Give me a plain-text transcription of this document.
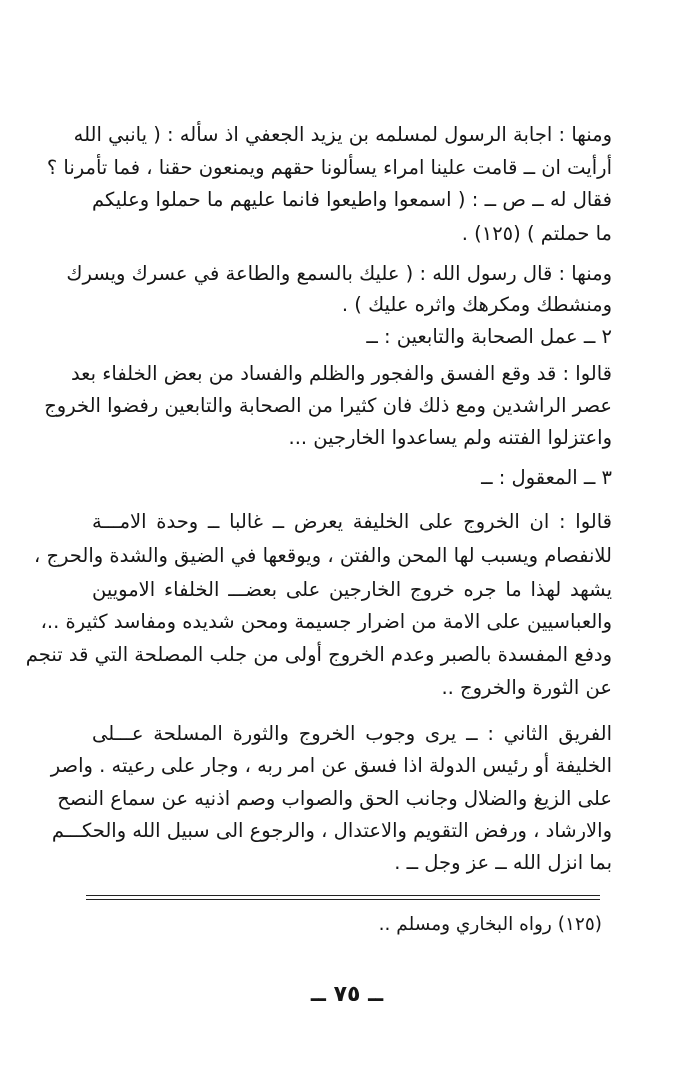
ومنها : اجابة الرسول لمسلمه بن يزيد الجعفي اذ سأله : ( يانبي الله
أرأيت ان ــ قامت علينا امراء يسألونا حقهم ويمنعون حقنا ، فما تأمرنا ؟
فقال له ــ ص ــ : ( اسمعوا واطيعوا فانما عليهم ما حملوا وعليكم
ما حملتم ) (١٢٥) .
ومنها : قال رسول الله : ( عليك بالسمع والطاعة في عسرك ويسرك
ومنشطك ومكرهك واثره عليك ) .
٢ ــ عمل الصحابة والتابعين : ــ
قالوا : قد وقع الفسق والفجور والظلم والفساد من بعض الخلفاء بعد
عصر الراشدين ومع ذلك فان كثيرا من الصحابة والتابعين رفضوا الخروج
واعتزلوا الفتنه ولم يساعدوا الخارجين ...
٣ ــ المعقول : ــ
قالوا : ان الخروج على الخليفة يعرض ــ غالبا ــ وحدة الامـــة
للانفصام ويسبب لها المحن والفتن ، ويوقعها في الضيق والشدة والحرج ،
يشهد لهذا ما جره خروج الخارجين على بعضـــ الخلفاء الامويين
والعباسيين على الامة من اضرار جسيمة ومحن شديده ومفاسد كثيرة ..،
ودفع المفسدة بالصبر وعدم الخروج أولى من جلب المصلحة التي قد تنجم
عن الثورة والخروج ..
الفريق الثاني : ــ يرى وجوب الخروج والثورة المسلحة عـــلى
الخليفة أو رئيس الدولة اذا فسق عن امر ربه ، وجار على رعيته . واصر
على الزيغ والضلال وجانب الحق والصواب وصم اذنيه عن سماع النصح
والارشاد ، ورفض التقويم والاعتدال ، والرجوع الى سبيل الله والحكـــم
بما انزل الله ــ عز وجل ــ .
(١٢٥) رواه البخاري ومسلم ..
ــ ٧٥ ــ
